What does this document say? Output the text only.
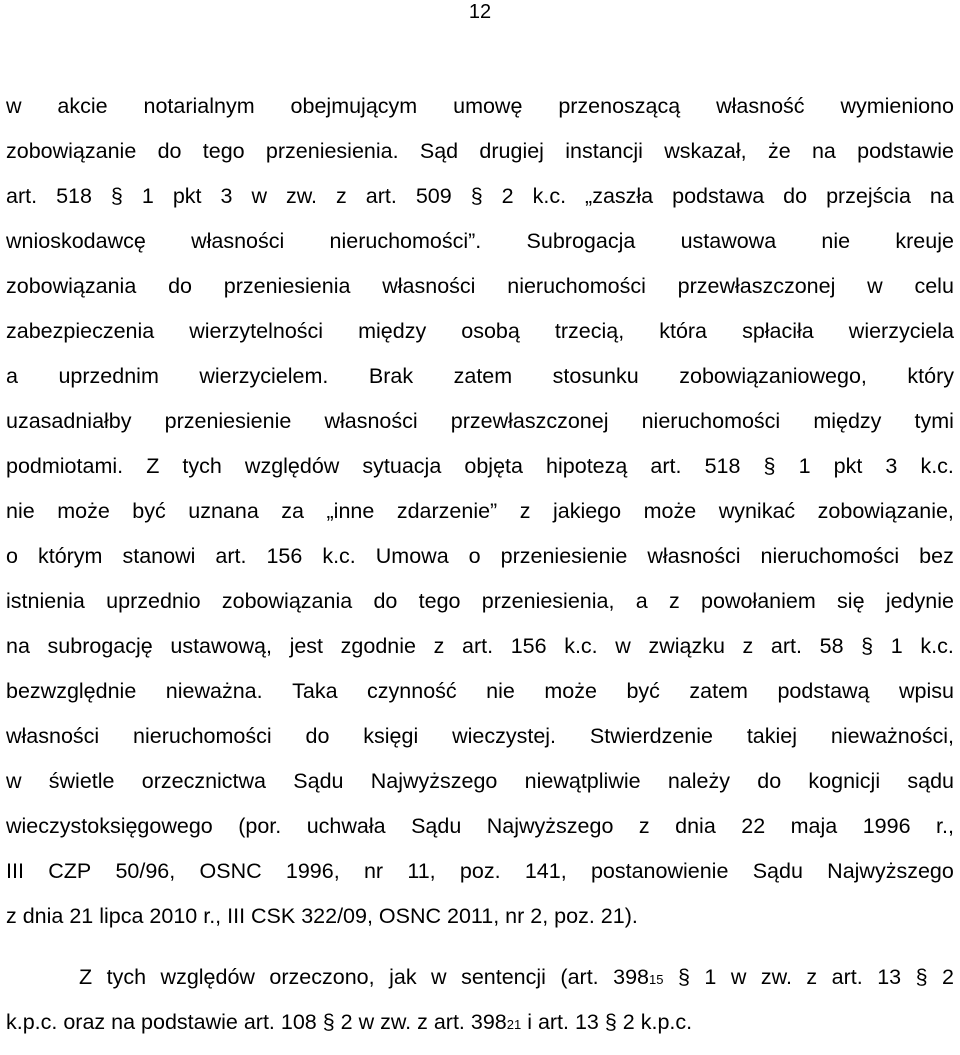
12
w akcie notarialnym obejmującym umowę przenoszącą własność wymieniono
zobowiązanie do tego przeniesienia. Sąd drugiej instancji wskazał, że na podstawie
art. 518 § 1 pkt 3 w zw. z art. 509 § 2 k.c. „zaszła podstawa do przejścia na
wnioskodawcę własności nieruchomości”. Subrogacja ustawowa nie kreuje
zobowiązania do przeniesienia własności nieruchomości przewłaszczonej w celu
zabezpieczenia wierzytelności między osobą trzecią, która spłaciła wierzyciela
a uprzednim wierzycielem. Brak zatem stosunku zobowiązaniowego, który
uzasadniałby przeniesienie własności przewłaszczonej nieruchomości między tymi
podmiotami. Z tych względów sytuacja objęta hipotezą art. 518 § 1 pkt 3 k.c.
nie może być uznana za „inne zdarzenie” z jakiego może wynikać zobowiązanie,
o którym stanowi art. 156 k.c. Umowa o przeniesienie własności nieruchomości bez
istnienia uprzednio zobowiązania do tego przeniesienia, a z powołaniem się jedynie
na subrogację ustawową, jest zgodnie z art. 156 k.c. w związku z art. 58 § 1 k.c.
bezwzględnie nieważna. Taka czynność nie może być zatem podstawą wpisu
własności nieruchomości do księgi wieczystej. Stwierdzenie takiej nieważności,
w świetle orzecznictwa Sądu Najwyższego niewątpliwie należy do kognicji sądu
wieczystoksięgowego (por. uchwała Sądu Najwyższego z dnia 22 maja 1996 r.,
III CZP 50/96, OSNC 1996, nr 11, poz. 141, postanowienie Sądu Najwyższego
z dnia 21 lipca 2010 r., III CSK 322/09, OSNC 2011, nr 2, poz. 21).
Z tych względów orzeczono, jak w sentencji (art. 398 15 § 1 w zw. z art. 13 § 2
k.p.c. oraz na podstawie art. 108 § 2 w zw. z art. 398 21 i art. 13 § 2 k.p.c.
